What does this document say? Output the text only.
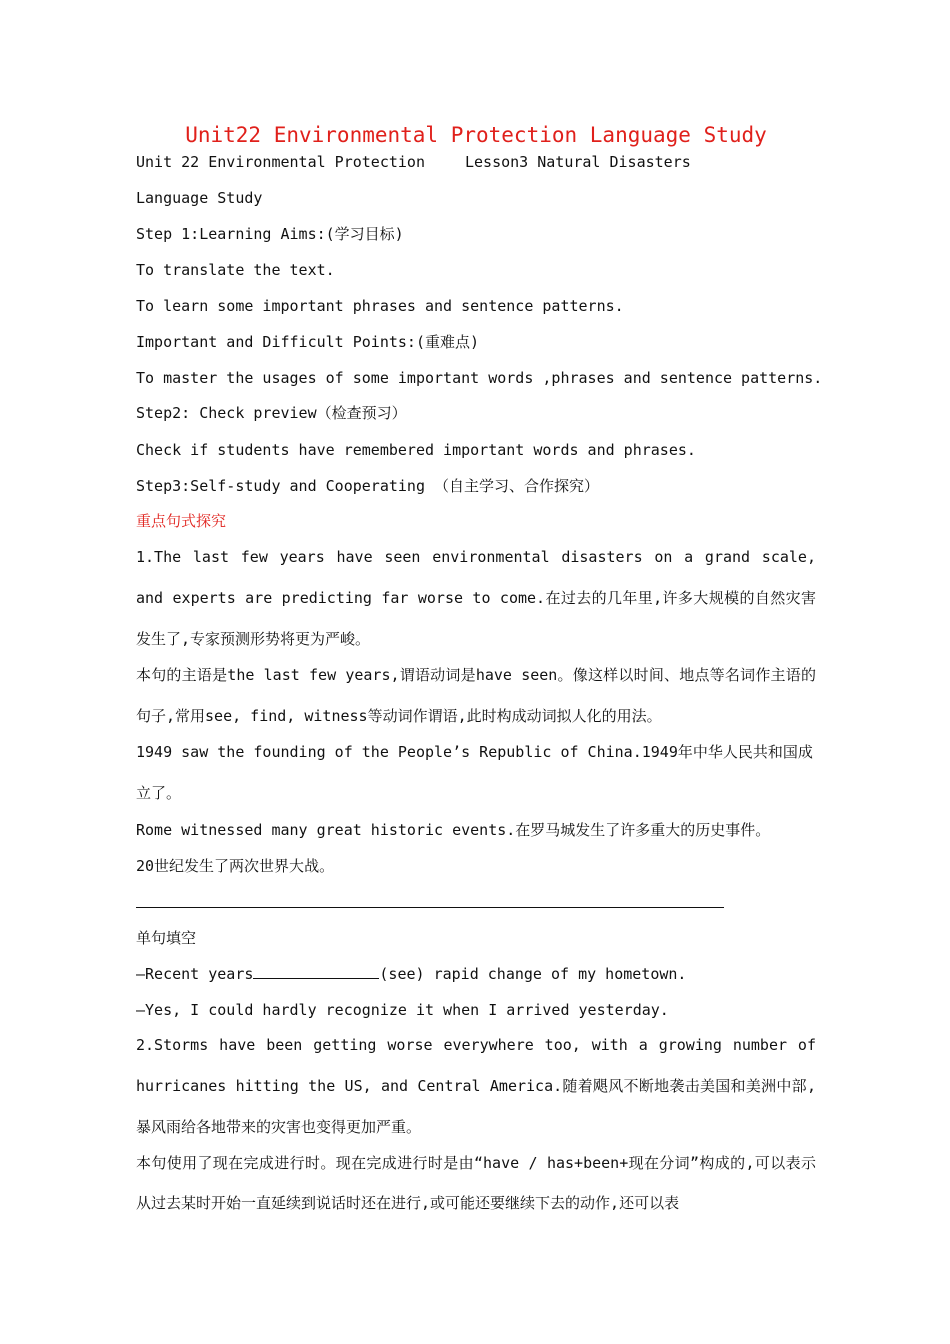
Unit22 Environmental Protection Language Study
Unit 22 Environmental Protection	Lesson3 Natural Disasters
Language Study
Step 1:Learning Aims:(学习目标)
To translate the text.
To learn some important phrases and sentence patterns.
Important and Difficult Points:(重难点)
To master the usages of some important words ,phrases and sentence patterns.
Step2: Check preview（检查预习）
Check if students have remembered important words and phrases.
Step3:Self-study and Cooperating （自主学习、合作探究）
重点句式探究
1.The last few years have seen environmental disasters on a grand scale, and experts are predicting far worse to come.在过去的几年里,许多大规模的自然灾害发生了,专家预测形势将更为严峻。
本句的主语是the last few years,谓语动词是have seen。像这样以时间、地点等名词作主语的句子,常用see, find, witness等动词作谓语,此时构成动词拟人化的用法。
1949 saw the founding of the People’s Republic of China.1949年中华人民共和国成立了。
Rome witnessed many great historic events.在罗马城发生了许多重大的历史事件。
20世纪发生了两次世界大战。
单句填空
—Recent years	(see) rapid change of my hometown.
—Yes, I could hardly recognize it when I arrived yesterday.
2.Storms have been getting worse everywhere too, with a growing number of hurricanes hitting the US, and Central America.随着飓风不断地袭击美国和美洲中部,暴风雨给各地带来的灾害也变得更加严重。
本句使用了现在完成进行时。现在完成进行时是由“have / has+been+现在分词”构成的,可以表示从过去某时开始一直延续到说话时还在进行,或可能还要继续下去的动作,还可以表
